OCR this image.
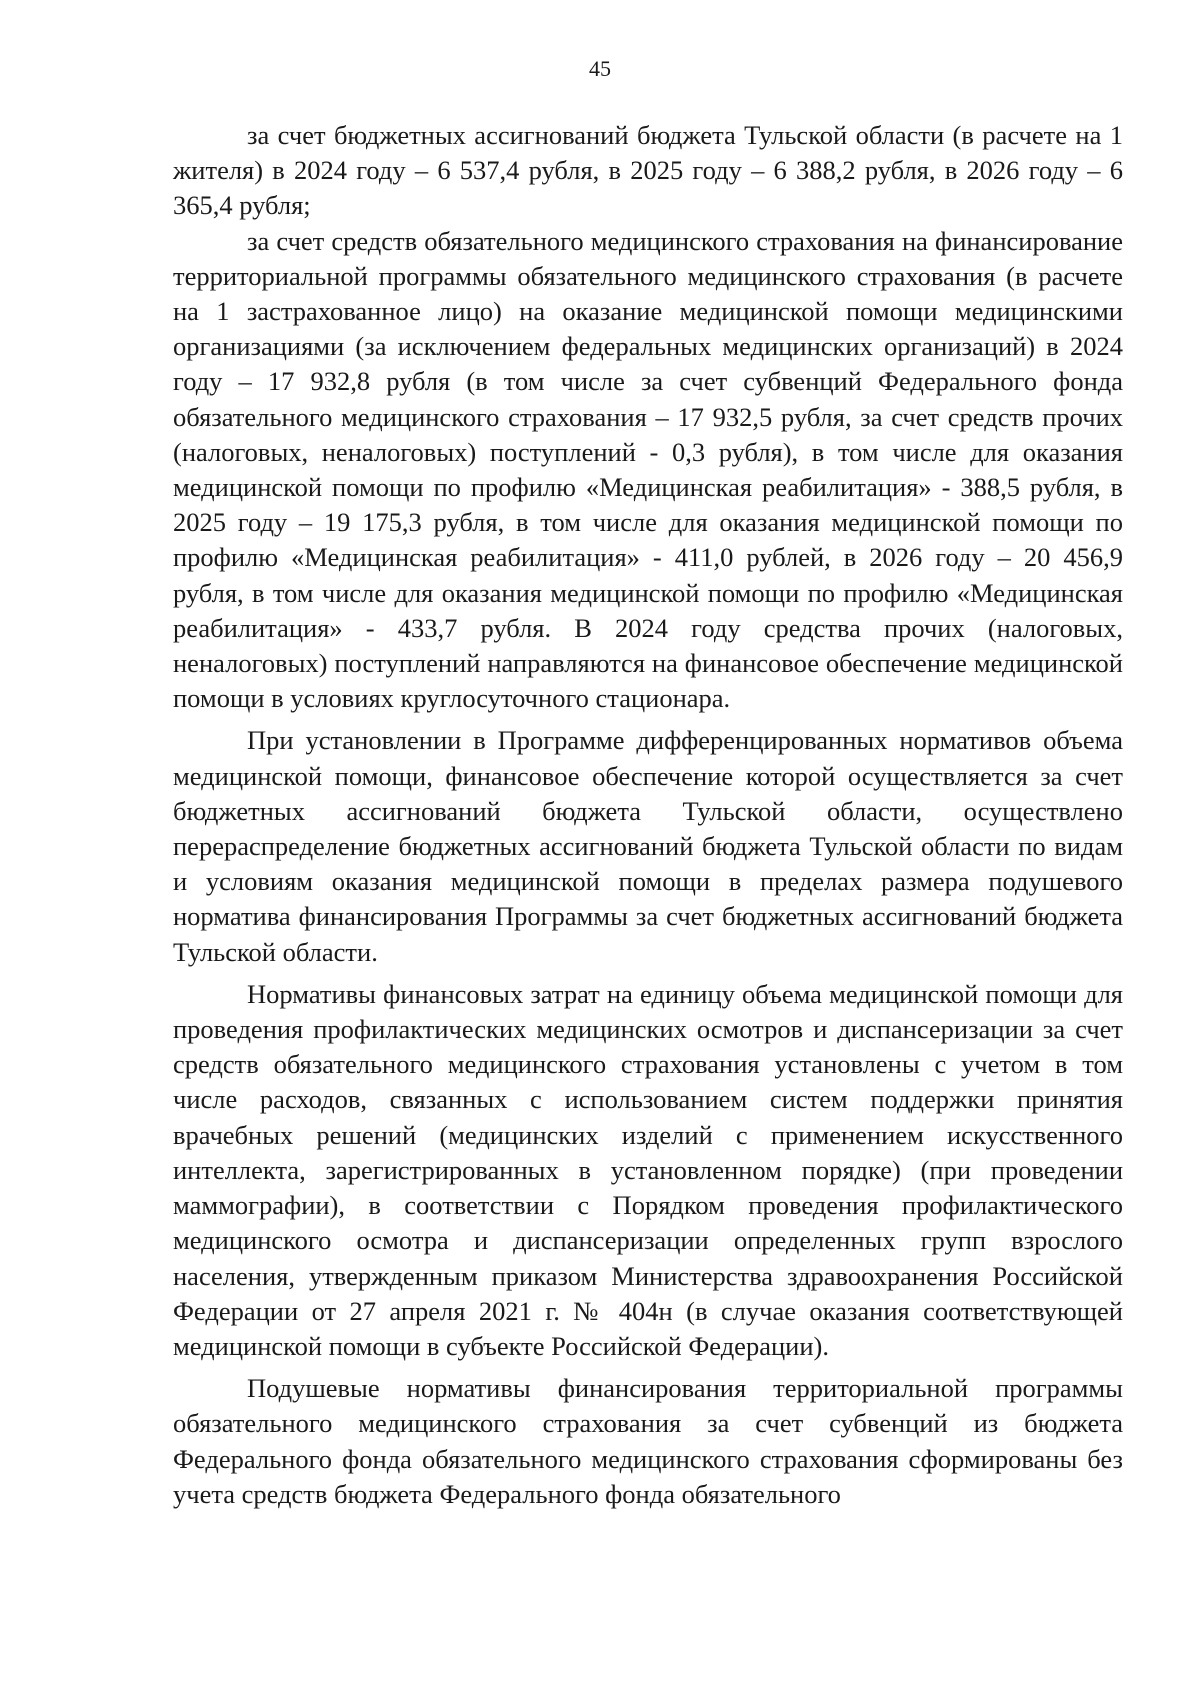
45

за счет бюджетных ассигнований бюджета Тульской области (в расчете на 1 жителя) в 2024 году – 6 537,4 рубля, в 2025 году – 6 388,2 рубля, в 2026 году – 6 365,4 рубля;

за счет средств обязательного медицинского страхования на финансирование территориальной программы обязательного медицинского страхования (в расчете на 1 застрахованное лицо) на оказание медицинской помощи медицинскими организациями (за исключением федеральных медицинских организаций) в 2024 году – 17 932,8 рубля (в том числе за счет субвенций Федерального фонда обязательного медицинского страхования – 17 932,5 рубля, за счет средств прочих (налоговых, неналоговых) поступлений - 0,3 рубля), в том числе для оказания медицинской помощи по профилю «Медицинская реабилитация» - 388,5 рубля, в 2025 году – 19 175,3 рубля, в том числе для оказания медицинской помощи по профилю «Медицинская реабилитация» - 411,0 рублей, в 2026 году – 20 456,9 рубля, в том числе для оказания медицинской помощи по профилю «Медицинская реабилитация» - 433,7 рубля. В 2024 году средства прочих (налоговых, неналоговых) поступлений направляются на финансовое обеспечение медицинской помощи в условиях круглосуточного стационара.

При установлении в Программе дифференцированных нормативов объема медицинской помощи, финансовое обеспечение которой осуществляется за счет бюджетных ассигнований бюджета Тульской области, осуществлено перераспределение бюджетных ассигнований бюджета Тульской области по видам и условиям оказания медицинской помощи в пределах размера подушевого норматива финансирования Программы за счет бюджетных ассигнований бюджета Тульской области.

Нормативы финансовых затрат на единицу объема медицинской помощи для проведения профилактических медицинских осмотров и диспансеризации за счет средств обязательного медицинского страхования установлены с учетом в том числе расходов, связанных с использованием систем поддержки принятия врачебных решений (медицинских изделий с применением искусственного интеллекта, зарегистрированных в установленном порядке) (при проведении маммографии), в соответствии с Порядком проведения профилактического медицинского осмотра и диспансеризации определенных групп взрослого населения, утвержденным приказом Министерства здравоохранения Российской Федерации от 27 апреля 2021 г. № 404н (в случае оказания соответствующей медицинской помощи в субъекте Российской Федерации).

Подушевые нормативы финансирования территориальной программы обязательного медицинского страхования за счет субвенций из бюджета Федерального фонда обязательного медицинского страхования сформированы без учета средств бюджета Федерального фонда обязательного
